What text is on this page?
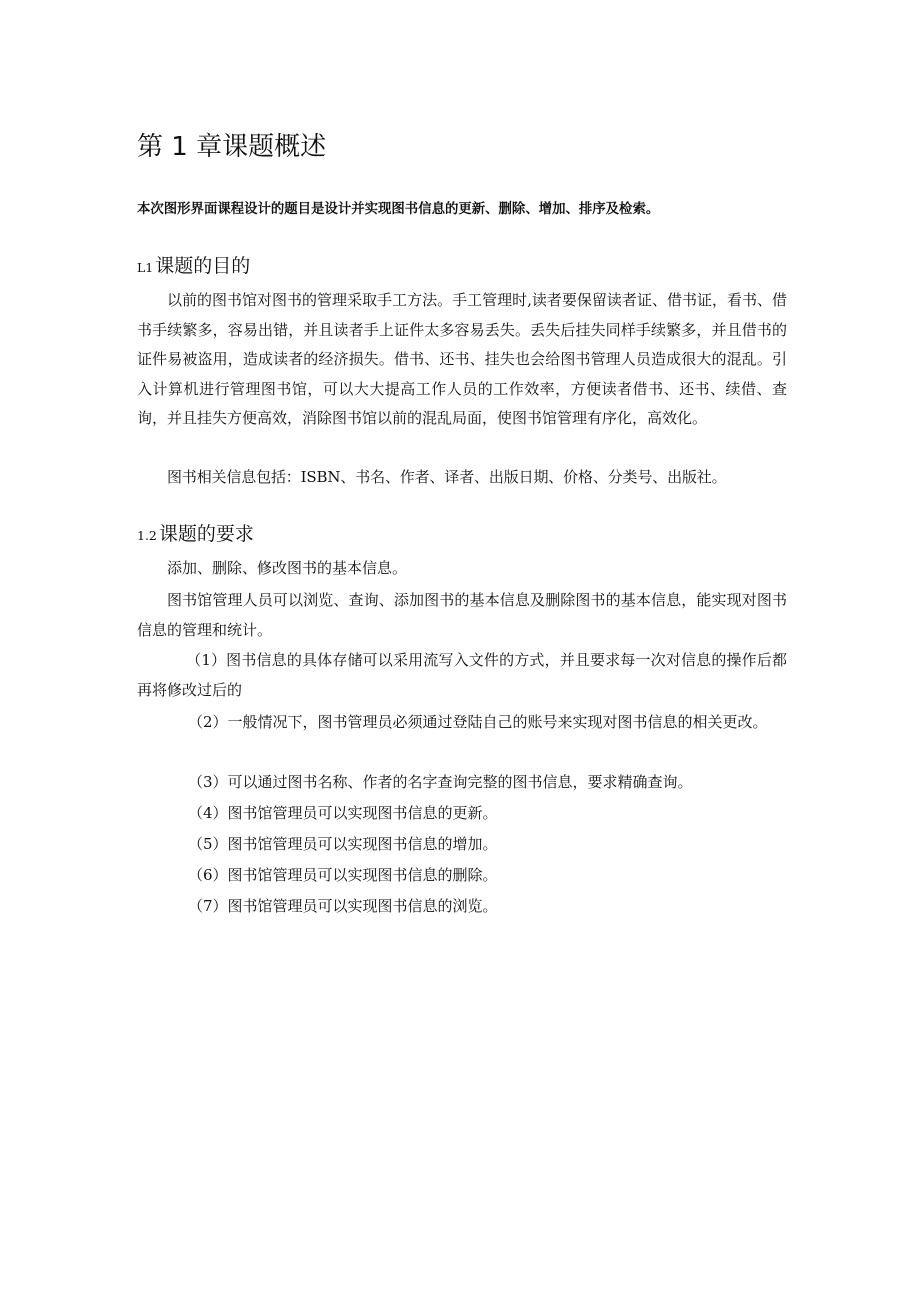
第 1 章课题概述

本次图形界面课程设计的题目是设计并实现图书信息的更新、删除、增加、排序及检索。

L1 课题的目的

以前的图书馆对图书的管理采取手工方法。手工管理时,读者要保留读者证、借书证，看书、借书手续繁多，容易出错，并且读者手上证件太多容易丢失。丢失后挂失同样手续繁多，并且借书的证件易被盗用，造成读者的经济损失。借书、还书、挂失也会给图书管理人员造成很大的混乱。引入计算机进行管理图书馆，可以大大提高工作人员的工作效率，方便读者借书、还书、续借、查询，并且挂失方便高效，消除图书馆以前的混乱局面，使图书馆管理有序化，高效化。

图书相关信息包括：ISBN、书名、作者、译者、出版日期、价格、分类号、出版社。

1.2 课题的要求

添加、删除、修改图书的基本信息。

图书馆管理人员可以浏览、查询、添加图书的基本信息及删除图书的基本信息，能实现对图书信息的管理和统计。

（1）图书信息的具体存储可以采用流写入文件的方式，并且要求每一次对信息的操作后都再将修改过后的

（2）一般情况下，图书管理员必须通过登陆自己的账号来实现对图书信息的相关更改。

（3）可以通过图书名称、作者的名字查询完整的图书信息，要求精确查询。

（4）图书馆管理员可以实现图书信息的更新。

（5）图书馆管理员可以实现图书信息的增加。

（6）图书馆管理员可以实现图书信息的删除。

（7）图书馆管理员可以实现图书信息的浏览。
